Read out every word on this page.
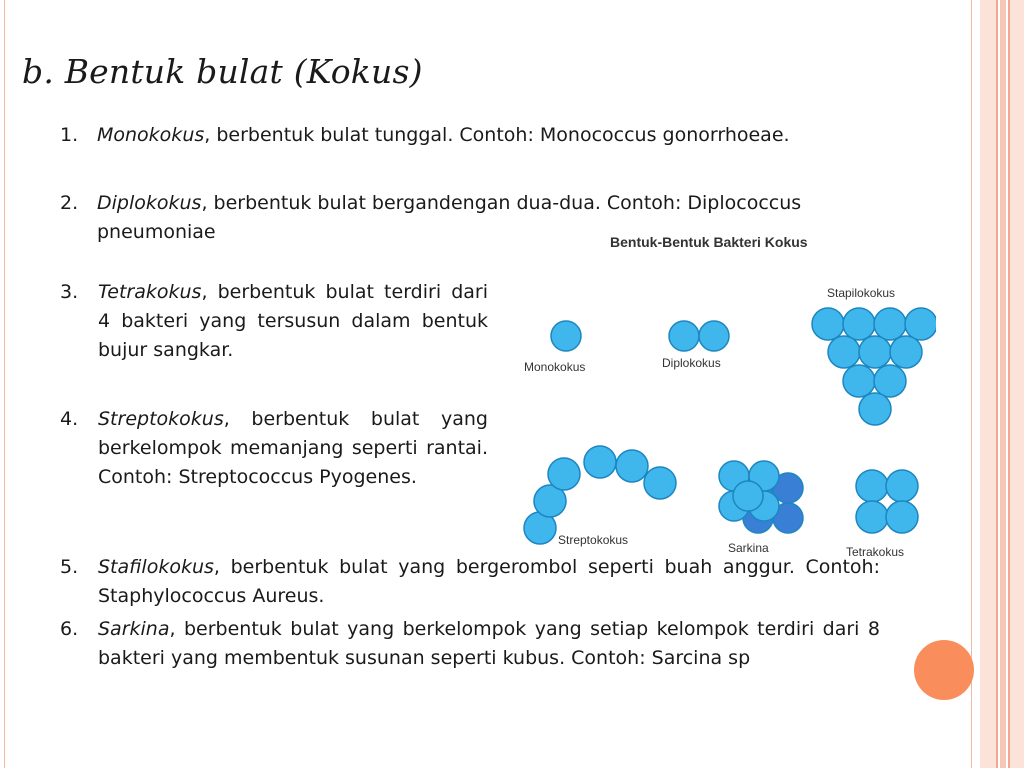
b. Bentuk bulat (Kokus)
1. Monokokus, berbentuk bulat tunggal. Contoh: Monococcus gonorrhoeae.
2. Diplokokus, berbentuk bulat bergandengan dua-dua. Contoh: Diplococcus pneumoniae
3. Tetrakokus, berbentuk bulat terdiri dari 4 bakteri yang tersusun dalam bentuk bujur sangkar.
4. Streptokokus, berbentuk bulat yang berkelompok memanjang seperti rantai. Contoh: Streptococcus Pyogenes.
Bentuk-Bentuk Bakteri Kokus
Monokokus	Diplokokus
Stapilokokus
Streptokokus
Sarkina	Tetrakokus
5. Stafilokokus, berbentuk bulat yang bergerombol seperti buah anggur. Contoh: Staphylococcus Aureus.
6. Sarkina, berbentuk bulat yang berkelompok yang setiap kelompok terdiri dari 8 bakteri yang membentuk susunan seperti kubus. Contoh: Sarcina sp
